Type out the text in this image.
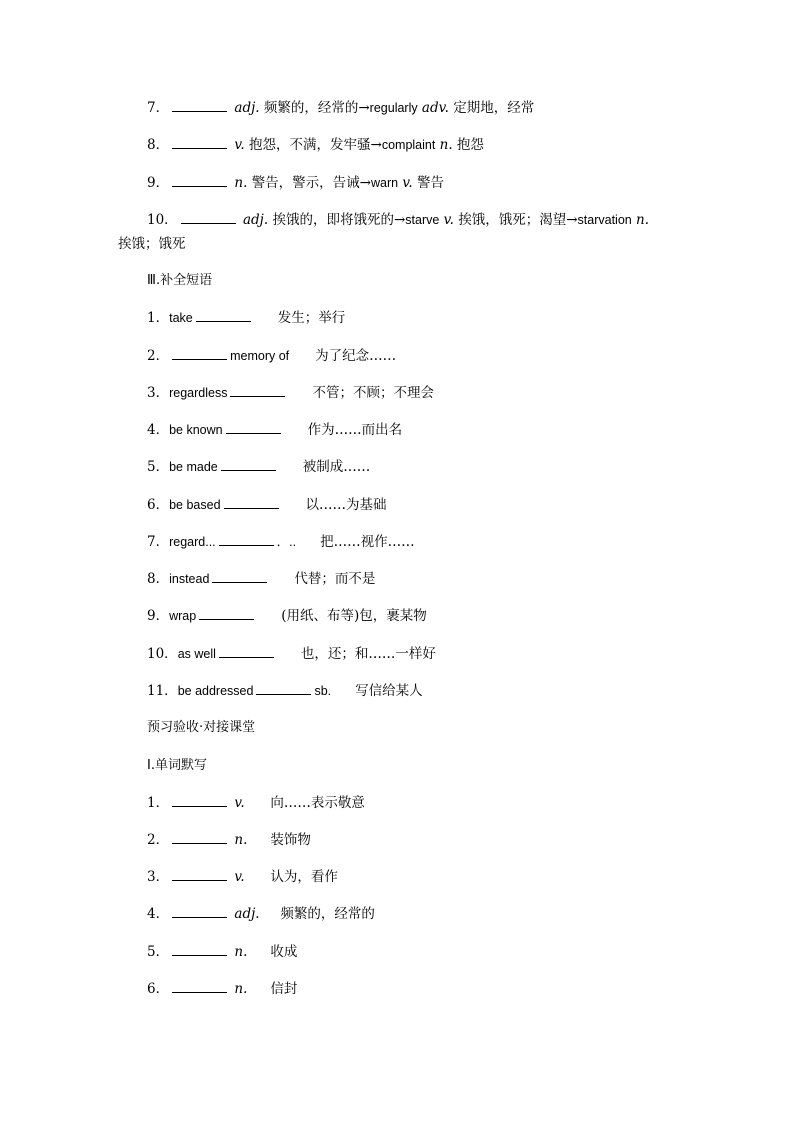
7．	adj. 频繁的，经常的→regularly adv. 定期地，经常
8．	v. 抱怨，不满，发牢骚→complaint n. 抱怨
9．	n. 警告，警示，告诫→warn v. 警告
10．	adj. 挨饿的，即将饿死的→starve v. 挨饿，饿死；渴望→starvation n.
挨饿；饿死
Ⅲ.补全短语
1．take	发生；举行
2．	memory of 为了纪念……
3．regardless	不管；不顾；不理会
4．be known	作为……而出名
5．be made	被制成……
6．be based	以……为基础
7．regard...	．.. 把……视作……
8．instead	代替；而不是
9．wrap	(用纸、布等)包，裹某物
10．as well	也，还；和……一样好
11．be addressed	sb. 写信给某人
预习验收·对接课堂
Ⅰ.单词默写
1．	v. 向……表示敬意
2．	n. 装饰物
3．	v. 认为，看作
4．	adj. 频繁的，经常的
5．	n. 收成
6．	n. 信封
